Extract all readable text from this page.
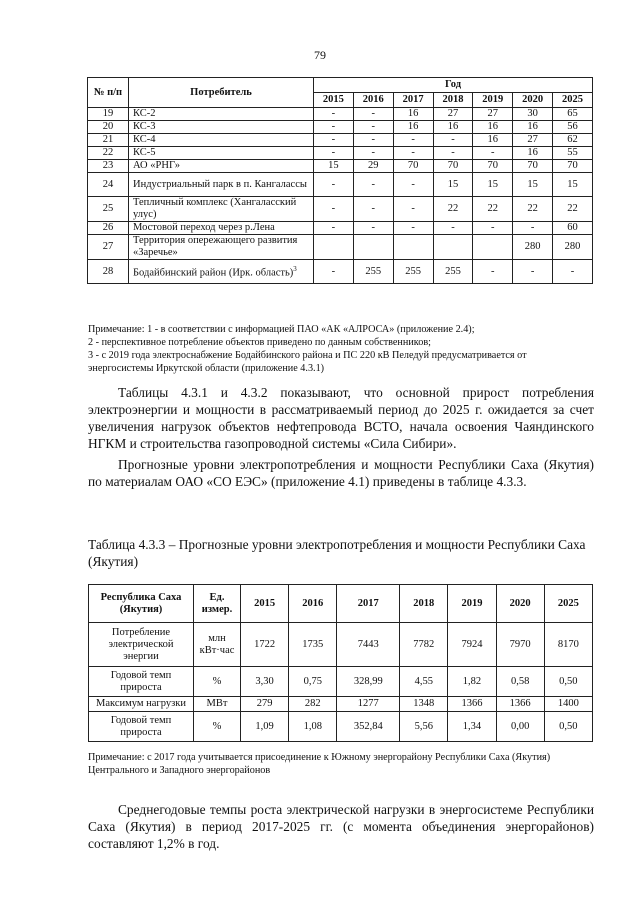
79
№ п/п	Потребитель	Год						
		2015	2016	2017	2018	2019	2020	2025
19	КС-2	-	-	16	27	27	30	65
20	КС-3	-	-	16	16	16	16	56
21	КС-4	-	-	-	-	16	27	62
22	КС-5	-	-	-	-	-	16	55
23	АО «РНГ»	15	29	70	70	70	70	70
24	Индустриальный парк в п. Кангалассы	-	-	-	15	15	15	15
25	Тепличный комплекс (Хангаласский улус)	-	-	-	22	22	22	22
26	Мостовой переход через р.Лена	-	-	-	-	-	-	60
27	Территория опережающего развития «Заречье»						280	280
28	Бодайбинский район (Ирк. область)$^3$	-	255	255	255	-	-	-
Примечание: 1 - в соответствии с информацией ПАО «АК «АЛРОСА» (приложение 2.4);
2 - перспективное потребление объектов приведено по данным собственников;
3 - с 2019 года электроснабжение Бодайбинского района и ПС 220 кВ Пеледуй предусматривается от энергосистемы Иркутской области (приложение 4.3.1)
Таблицы 4.3.1 и 4.3.2 показывают, что основной прирост потребления электроэнергии и мощности в рассматриваемый период до 2025 г. ожидается за счет увеличения нагрузок объектов нефтепровода ВСТО, начала освоения Чаяндинского НГКМ и строительства газопроводной системы «Сила Сибири».
Прогнозные уровни электропотребления и мощности Республики Саха (Якутия) по материалам ОАО «СО ЕЭС» (приложение 4.1) приведены в таблице 4.3.3.
Таблица 4.3.3 – Прогнозные уровни электропотребления и мощности Республики Саха (Якутия)
Республика Саха (Якутия)	Ед. измер.	2015	2016	2017	2018	2019	2020	2025
Потребление электрической энергии	млн кВт·час	1722	1735	7443	7782	7924	7970	8170
Годовой темп прироста	%	3,30	0,75	328,99	4,55	1,82	0,58	0,50
Максимум нагрузки	МВт	279	282	1277	1348	1366	1366	1400
Годовой темп прироста	%	1,09	1,08	352,84	5,56	1,34	0,00	0,50
Примечание: с 2017 года учитывается присоединение к Южному энергорайону Республики Саха (Якутия) Центрального и Западного энергорайонов
Среднегодовые темпы роста электрической нагрузки в энергосистеме Республики Саха (Якутия) в период 2017-2025 гг. (с момента объединения энергорайонов) составляют 1,2% в год.
